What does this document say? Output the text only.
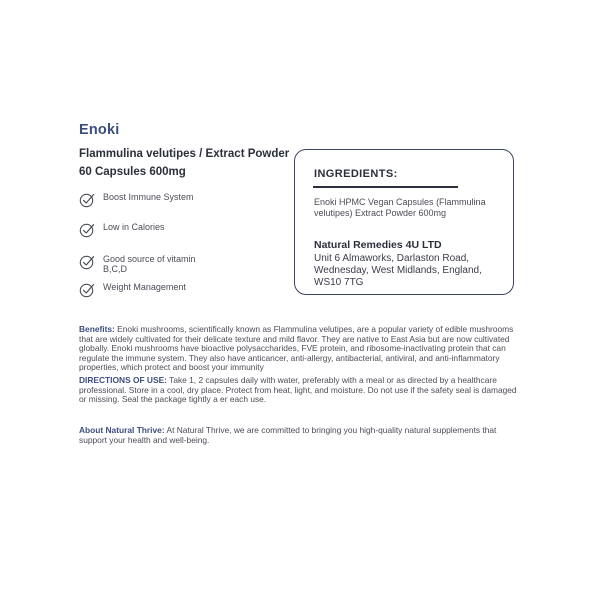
Enoki
Flammulina velutipes / Extract Powder
60 Capsules 600mg
Boost Immune System
Low in Calories
Good source of vitamin B,C,D
Weight Management
INGREDIENTS:
Enoki HPMC Vegan Capsules (Flammulina velutipes) Extract Powder 600mg
Natural Remedies 4U LTD
Unit 6 Almaworks, Darlaston Road, Wednesday, West Midlands, England, WS10 7TG
Benefits: Enoki mushrooms, scientifically known as Flammulina velutipes, are a popular variety of edible mushrooms that are widely cultivated for their delicate texture and mild flavor. They are native to East Asia but are now cultivated globally. Enoki mushrooms have bioactive polysaccharides, FVE protein, and ribosome-inactivating protein that can regulate the immune system. They also have anticancer, anti-allergy, antibacterial, antiviral, and anti-inflammatory properties, which protect and boost your immunity
DIRECTIONS OF USE: Take 1, 2 capsules daily with water, preferably with a meal or as directed by a healthcare professional. Store in a cool, dry place. Protect from heat, light, and moisture. Do not use if the safety seal is damaged or missing. Seal the package tightly a er each use.
About Natural Thrive: At Natural Thrive, we are committed to bringing you high-quality natural supplements that support your health and well-being.
